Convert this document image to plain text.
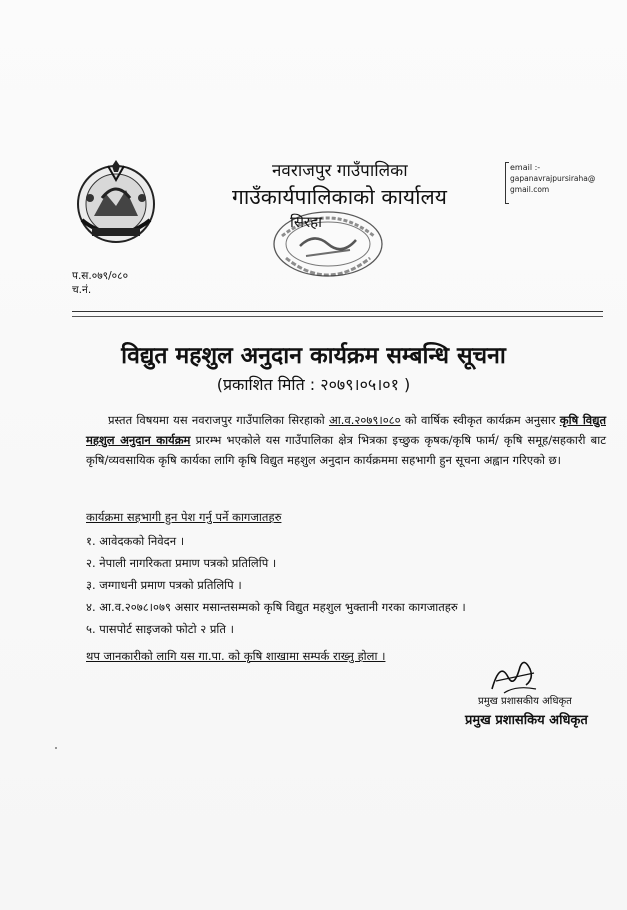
नवराजपुर गाउँपालिका
गाउँकार्यपालिकाको कार्यालय
सिरहा
email :-
gapanavrajpursiraha@
gmail.com
प.स.०७९/०८०
च.नं.
विद्युत महशुल अनुदान कार्यक्रम सम्बन्धि सूचना
(प्रकाशित मिति : २०७९।०५।०१ )
प्रस्तत विषयमा यस नवराजपुर गाउँपालिका सिरहाको आ.व.२०७९।०८० को वार्षिक स्वीकृत कार्यक्रम अनुसार कृषि विद्युत महशुल अनुदान कार्यक्रम प्रारम्भ भएकोले यस गाउँपालिका क्षेत्र भित्रका इच्छुक कृषक/कृषि फार्म/ कृषि समूह/सहकारी बाट कृषि/व्यवसायिक कृषि कार्यका लागि कृषि विद्युत महशुल अनुदान कार्यक्रममा सहभागी हुन सूचना अह्वान गरिएको छ।
कार्यक्रमा सहभागी हुन पेश गर्नु पर्ने कागजातहरु
१. आवेदकको निवेदन ।
२. नेपाली नागरिकता प्रमाण पत्रको प्रतिलिपि ।
३. जग्गाधनी प्रमाण पत्रको प्रतिलिपि ।
४. आ.व.२०७८।०७९ असार मसान्तसम्मको कृषि विद्युत महशुल भुक्तानी गरका कागजातहरु ।
५. पासपोर्ट साइजको फोटो २ प्रति ।
थप जानकारीको लागि यस गा.पा. को कृषि शाखामा सम्पर्क राख्नु होला ।
प्रमुख प्रशासकीय अधिकृत
प्रमुख प्रशासकिय अधिकृत
